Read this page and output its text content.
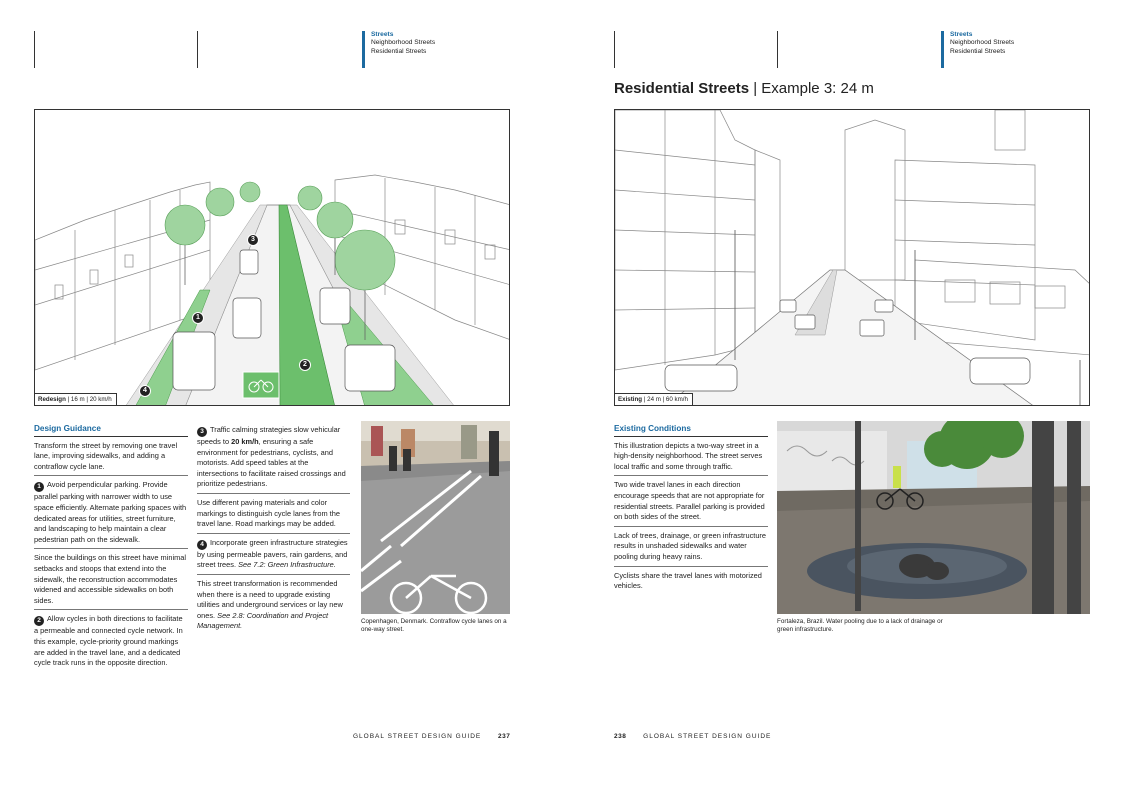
Streets
Neighborhood Streets
Residential Streets
Streets
Neighborhood Streets
Residential Streets
Residential Streets | Example 3: 24 m
3
1
2
4
Redesign | 16 m | 20 km/h	Existing | 24 m | 60 km/h
Design Guidance
Transform the street by removing one travel lane, improving sidewalks, and adding a contraflow cycle lane.
1 Avoid perpendicular parking. Provide parallel parking with narrower width to use space efficiently. Alternate parking spaces with dedicated areas for utilities, street furniture, and landscaping to help maintain a clear pedestrian path on the sidewalk.
Since the buildings on this street have minimal setbacks and stoops that extend into the sidewalk, the reconstruction accommodates widened and accessible sidewalks on both sides.
2 Allow cycles in both directions to facilitate a permeable and connected cycle network. In this example, cycle-priority ground markings are added in the travel lane, and a dedicated cycle track runs in the opposite direction.
3 Traffic calming strategies slow vehicular speeds to 20 km/h, ensuring a safe environment for pedestrians, cyclists, and motorists. Add speed tables at the intersections to facilitate raised crossings and prioritize pedestrians.
Use different paving materials and color markings to distinguish cycle lanes from the travel lane. Road markings may be added.
4 Incorporate green infrastructure strategies by using permeable pavers, rain gardens, and street trees. See 7.2: Green Infrastructure.
This street transformation is recommended when there is a need to upgrade existing utilities and underground services or lay new ones. See 2.8: Coordination and Project Management.	Copenhagen, Denmark. Contraflow cycle lanes on a one-way street.
Existing Conditions
This illustration depicts a two-way street in a high-density neighborhood. The street serves local traffic and some through traffic.
Two wide travel lanes in each direction encourage speeds that are not appropriate for residential streets. Parallel parking is provided on both sides of the street.
Lack of trees, drainage, or green infrastructure results in unshaded sidewalks and water pooling during heavy rains.
Cyclists share the travel lanes with motorized vehicles.
Fortaleza, Brazil. Water pooling due to a lack of drainage or green infrastructure.
GLOBAL STREET DESIGN GUIDE	237	238	GLOBAL STREET DESIGN GUIDE
